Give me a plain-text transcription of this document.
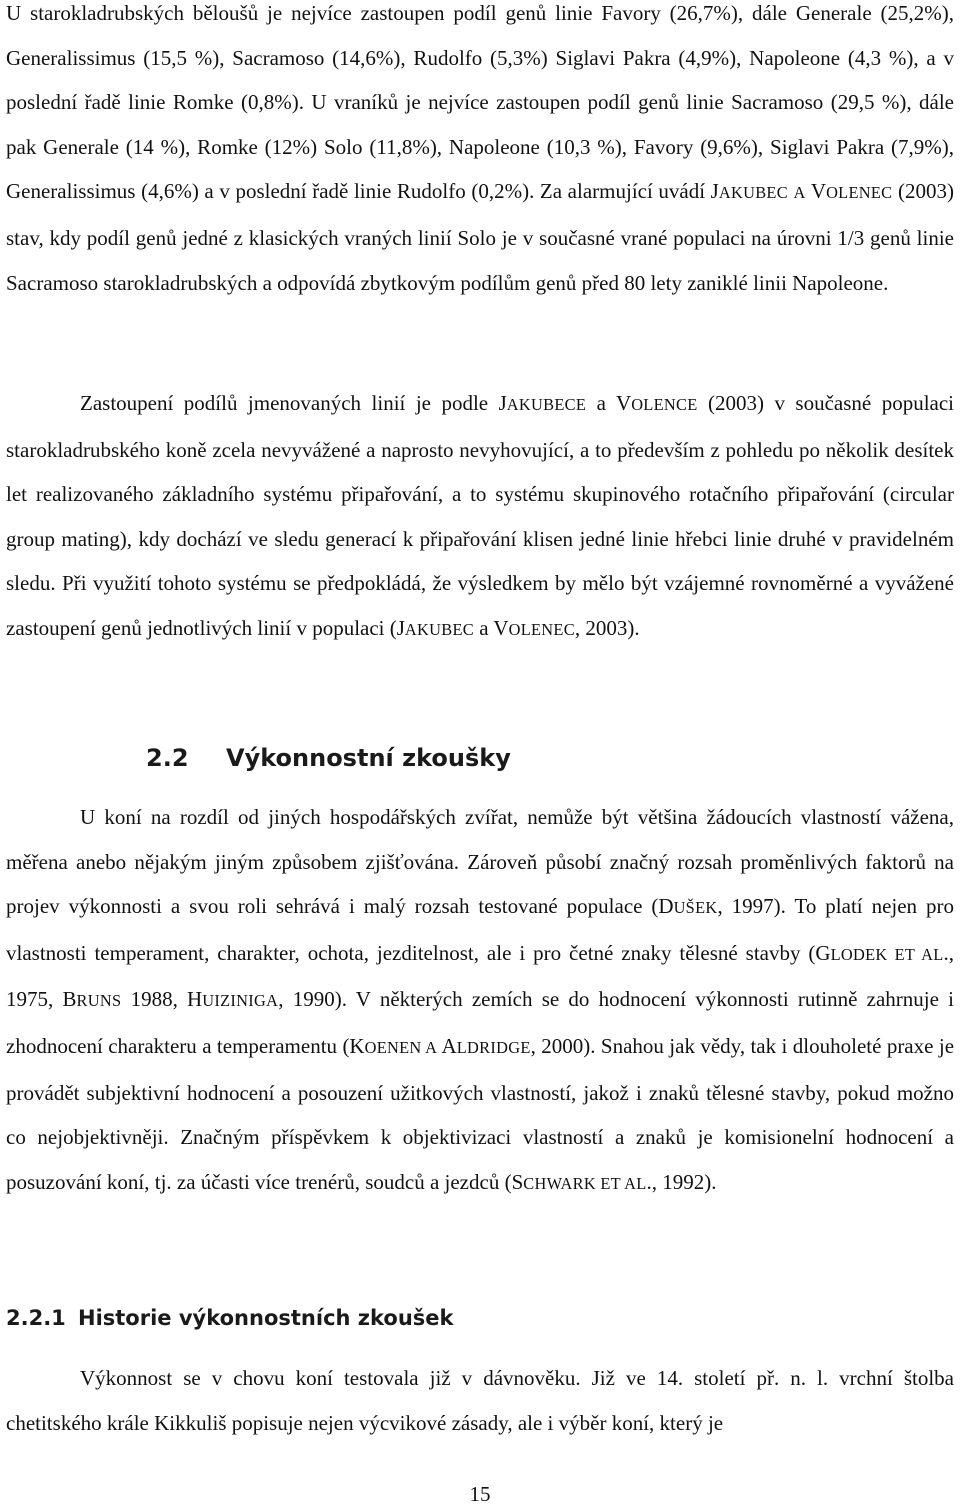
U starokladrubských běloušů je nejvíce zastoupen podíl genů linie Favory (26,7%), dále Generale (25,2%), Generalissimus (15,5 %), Sacramoso (14,6%), Rudolfo (5,3%) Siglavi Pakra (4,9%), Napoleone (4,3 %), a v poslední řadě linie Romke (0,8%). U vraníků je nejvíce zastoupen podíl genů linie Sacramoso (29,5 %), dále pak Generale (14 %), Romke (12%) Solo (11,8%), Napoleone (10,3 %), Favory (9,6%), Siglavi Pakra (7,9%), Generalissimus (4,6%) a v poslední řadě linie Rudolfo (0,2%). Za alarmující uvádí JAKUBEC A VOLENEC (2003) stav, kdy podíl genů jedné z klasických vraných linií Solo je v současné vrané populaci na úrovni 1/3 genů linie Sacramoso starokladrubských a odpovídá zbytkovým podílům genů před 80 lety zaniklé linii Napoleone.

Zastoupení podílů jmenovaných linií je podle JAKUBECE a VOLENCE (2003) v současné populaci starokladrubského koně zcela nevyvážené a naprosto nevyhovující, a to především z pohledu po několik desítek let realizovaného základního systému připařování, a to systému skupinového rotačního připařování (circular group mating), kdy dochází ve sledu generací k připařování klisen jedné linie hřebci linie druhé v pravidelném sledu. Při využití tohoto systému se předpokládá, že výsledkem by mělo být vzájemné rovnoměrné a vyvážené zastoupení genů jednotlivých linií v populaci (JAKUBEC a VOLENEC, 2003).

2.2 Výkonnostní zkoušky

U koní na rozdíl od jiných hospodářských zvířat, nemůže být většina žádoucích vlastností vážena, měřena anebo nějakým jiným způsobem zjišťována. Zároveň působí značný rozsah proměnlivých faktorů na projev výkonnosti a svou roli sehrává i malý rozsah testované populace (DUŠEK, 1997). To platí nejen pro vlastnosti temperament, charakter, ochota, jezditelnost, ale i pro četné znaky tělesné stavby (GLODEK ET AL., 1975, BRUNS 1988, HUIZINIGA, 1990). V některých zemích se do hodnocení výkonnosti rutinně zahrnuje i zhodnocení charakteru a temperamentu (KOENEN A ALDRIDGE, 2000). Snahou jak vědy, tak i dlouholeté praxe je provádět subjektivní hodnocení a posouzení užitkových vlastností, jakož i znaků tělesné stavby, pokud možno co nejobjektivněji. Značným příspěvkem k objektivizaci vlastností a znaků je komisionelní hodnocení a posuzování koní, tj. za účasti více trenérů, soudců a jezdců (SCHWARK ET AL., 1992).

2.2.1 Historie výkonnostních zkoušek

Výkonnost se v chovu koní testovala již v dávnověku. Již ve 14. století př. n. l. vrchní štolba chetitského krále Kikkuliš popisuje nejen výcvikové zásady, ale i výběr koní, který je

15
